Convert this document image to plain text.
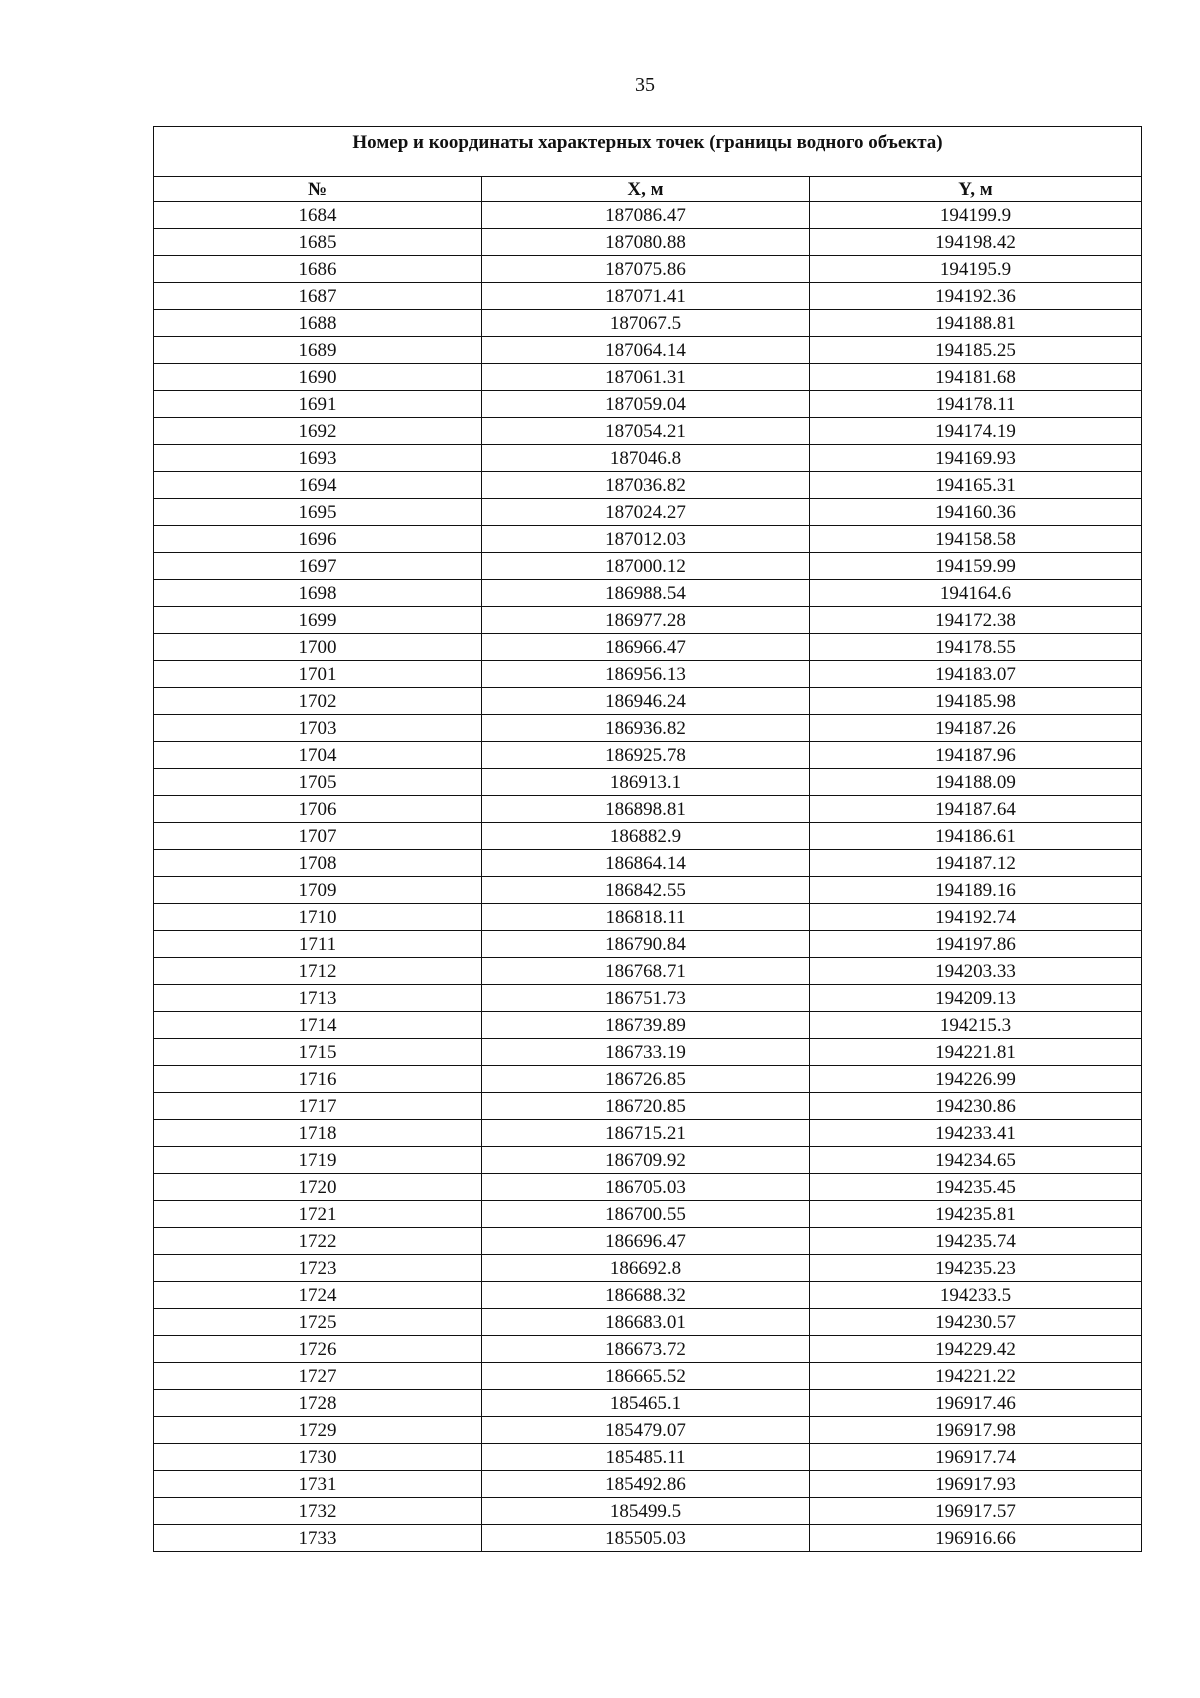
35
Номер и координаты характерных точек (границы водного объекта)		
№	X, м	Y, м
1684	187086.47	194199.9
1685	187080.88	194198.42
1686	187075.86	194195.9
1687	187071.41	194192.36
1688	187067.5	194188.81
1689	187064.14	194185.25
1690	187061.31	194181.68
1691	187059.04	194178.11
1692	187054.21	194174.19
1693	187046.8	194169.93
1694	187036.82	194165.31
1695	187024.27	194160.36
1696	187012.03	194158.58
1697	187000.12	194159.99
1698	186988.54	194164.6
1699	186977.28	194172.38
1700	186966.47	194178.55
1701	186956.13	194183.07
1702	186946.24	194185.98
1703	186936.82	194187.26
1704	186925.78	194187.96
1705	186913.1	194188.09
1706	186898.81	194187.64
1707	186882.9	194186.61
1708	186864.14	194187.12
1709	186842.55	194189.16
1710	186818.11	194192.74
1711	186790.84	194197.86
1712	186768.71	194203.33
1713	186751.73	194209.13
1714	186739.89	194215.3
1715	186733.19	194221.81
1716	186726.85	194226.99
1717	186720.85	194230.86
1718	186715.21	194233.41
1719	186709.92	194234.65
1720	186705.03	194235.45
1721	186700.55	194235.81
1722	186696.47	194235.74
1723	186692.8	194235.23
1724	186688.32	194233.5
1725	186683.01	194230.57
1726	186673.72	194229.42
1727	186665.52	194221.22
1728	185465.1	196917.46
1729	185479.07	196917.98
1730	185485.11	196917.74
1731	185492.86	196917.93
1732	185499.5	196917.57
1733	185505.03	196916.66
